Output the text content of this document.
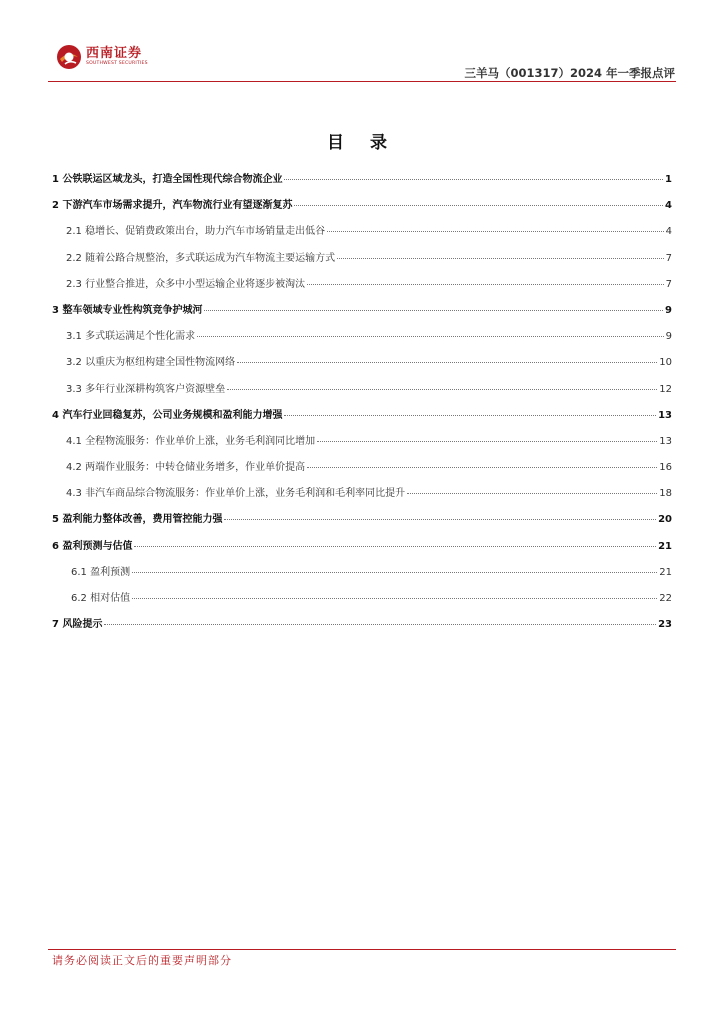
西南证券
SOUTHWEST SECURITIES
三羊马（001317）2024 年一季报点评
目 录
1 公铁联运区域龙头，打造全国性现代综合物流企业	1
2 下游汽车市场需求提升，汽车物流行业有望逐渐复苏	4
2.1 稳增长、促销费政策出台，助力汽车市场销量走出低谷	4
2.2 随着公路合规整治，多式联运成为汽车物流主要运输方式	7
2.3 行业整合推进，众多中小型运输企业将逐步被淘汰	7
3 整车领域专业性构筑竞争护城河	9
3.1 多式联运满足个性化需求	9
3.2 以重庆为枢纽构建全国性物流网络	10
3.3 多年行业深耕构筑客户资源壁垒	12
4 汽车行业回稳复苏，公司业务规模和盈利能力增强	13
4.1 全程物流服务：作业单价上涨，业务毛利润同比增加	13
4.2 两端作业服务：中转仓储业务增多，作业单价提高	16
4.3 非汽车商品综合物流服务：作业单价上涨，业务毛利润和毛利率同比提升	18
5 盈利能力整体改善，费用管控能力强	20
6 盈利预测与估值	21
6.1 盈利预测	21
6.2 相对估值	22
7 风险提示	23
请务必阅读正文后的重要声明部分
